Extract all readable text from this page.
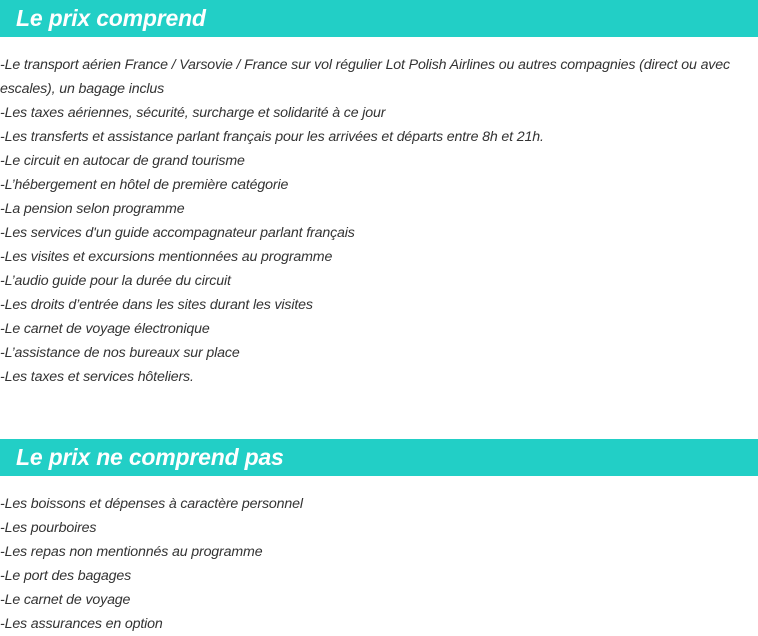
Le prix comprend
-Le transport aérien France / Varsovie / France sur vol régulier Lot Polish Airlines ou autres compagnies (direct ou avec escales), un bagage inclus
-Les taxes aériennes, sécurité, surcharge et solidarité à ce jour
-Les transferts et assistance parlant français pour les arrivées et départs entre 8h et 21h.
-Le circuit en autocar de grand tourisme
-L’hébergement en hôtel de première catégorie
-La pension selon programme
-Les services d'un guide accompagnateur parlant français
-Les visites et excursions mentionnées au programme
-L’audio guide pour la durée du circuit
-Les droits d’entrée dans les sites durant les visites
-Le carnet de voyage électronique
-L’assistance de nos bureaux sur place
-Les taxes et services hôteliers.
Le prix ne comprend pas
-Les boissons et dépenses à caractère personnel
-Les pourboires
-Les repas non mentionnés au programme
-Le port des bagages
-Le carnet de voyage
-Les assurances en option
